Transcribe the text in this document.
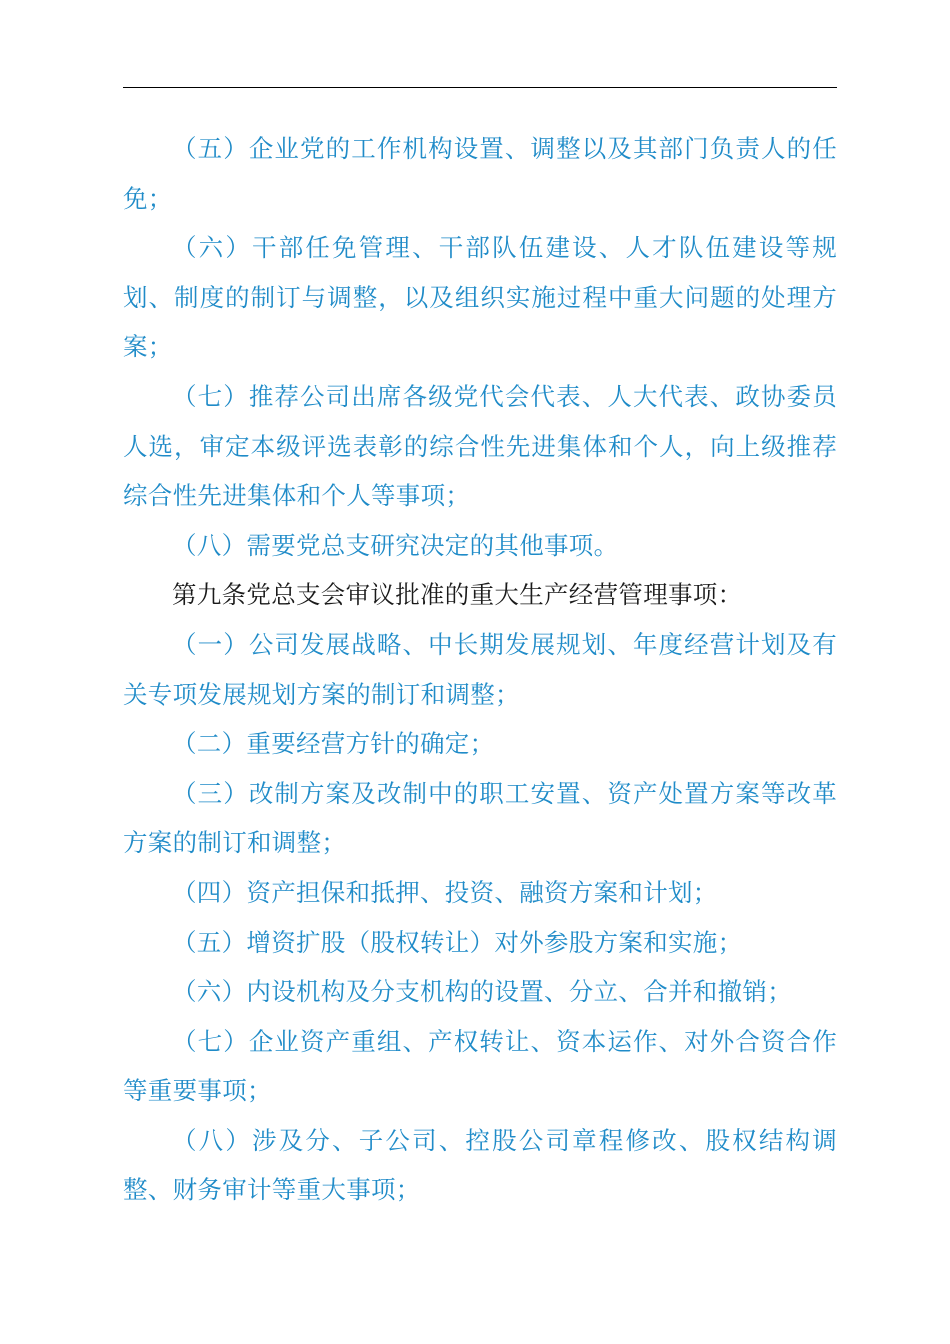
（五）企业党的工作机构设置、调整以及其部门负责人的任免；

（六）干部任免管理、干部队伍建设、人才队伍建设等规划、制度的制订与调整，以及组织实施过程中重大问题的处理方案；

（七）推荐公司出席各级党代会代表、人大代表、政协委员人选，审定本级评选表彰的综合性先进集体和个人，向上级推荐综合性先进集体和个人等事项；

（八）需要党总支研究决定的其他事项。

第九条党总支会审议批准的重大生产经营管理事项：

（一）公司发展战略、中长期发展规划、年度经营计划及有关专项发展规划方案的制订和调整；

（二）重要经营方针的确定；

（三）改制方案及改制中的职工安置、资产处置方案等改革方案的制订和调整；

（四）资产担保和抵押、投资、融资方案和计划；

（五）增资扩股（股权转让）对外参股方案和实施；

（六）内设机构及分支机构的设置、分立、合并和撤销；

（七）企业资产重组、产权转让、资本运作、对外合资合作等重要事项；

（八）涉及分、子公司、控股公司章程修改、股权结构调整、财务审计等重大事项；
